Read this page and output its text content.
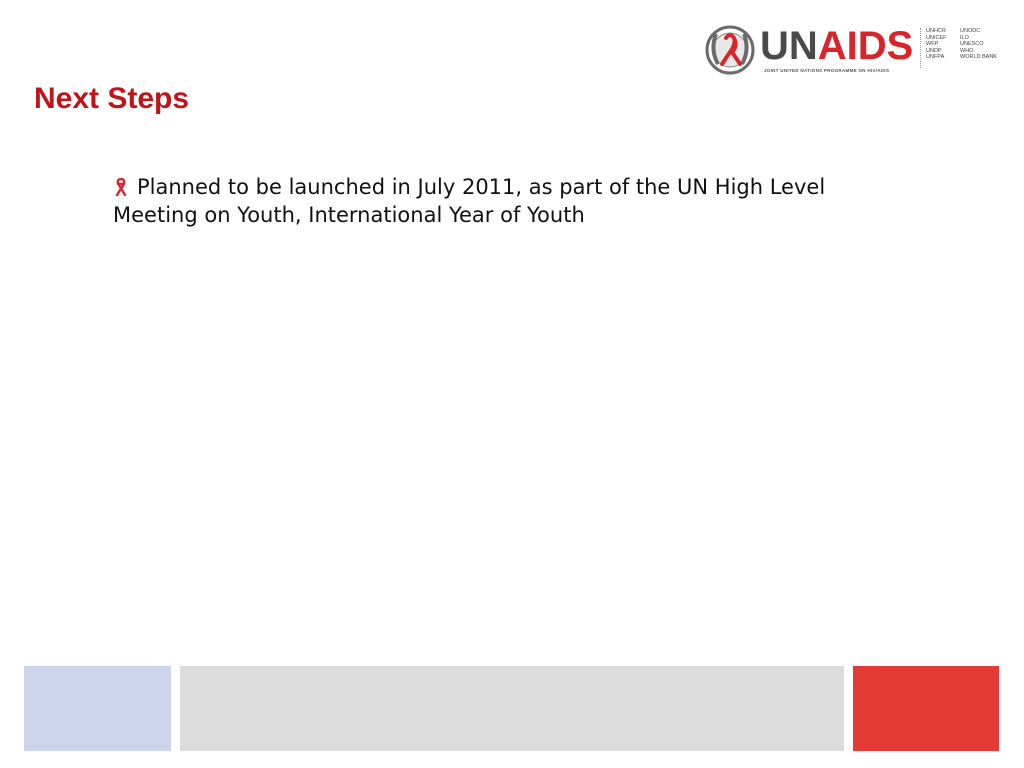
UNAIDS
JOINT UNITED NATIONS PROGRAMME ON HIV/AIDS
UNHCR
UNICEF
WFP
UNDP
UNFPA
UNODC
ILO
UNESCO
WHO
WORLD BANK
Next Steps
Planned to be launched in July 2011, as part of the UN High Level Meeting on Youth, International Year of Youth
